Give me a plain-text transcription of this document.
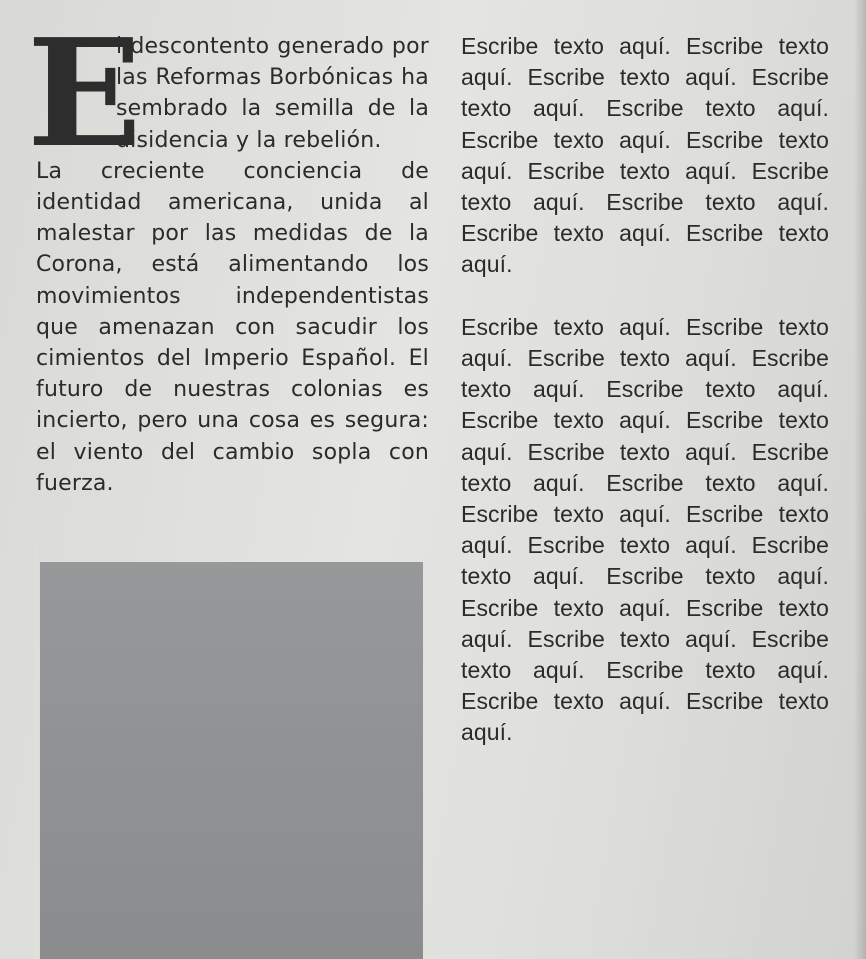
E

l descontento generado por las Reformas Borbónicas ha sembrado la semilla de la disidencia y la rebelión.

La creciente conciencia de identidad americana, unida al malestar por las medidas de la Corona, está alimentando los movimientos independentistas que amenazan con sacudir los cimientos del Imperio Español. El futuro de nuestras colonias es incierto, pero una cosa es segura: el viento del cambio sopla con fuerza.

Escribe texto aquí. Escribe texto aquí. Escribe texto aquí. Escribe texto aquí. Escribe texto aquí. Escribe texto aquí. Escribe texto aquí. Escribe texto aquí. Escribe texto aquí. Escribe texto aquí. Escribe texto aquí. Escribe texto aquí.

Escribe texto aquí. Escribe texto aquí. Escribe texto aquí. Escribe texto aquí. Escribe texto aquí. Escribe texto aquí. Escribe texto aquí. Escribe texto aquí. Escribe texto aquí. Escribe texto aquí. Escribe texto aquí. Escribe texto aquí. Escribe texto aquí. Escribe texto aquí. Escribe texto aquí. Escribe texto aquí. Escribe texto aquí. Escribe texto aquí. Escribe texto aquí. Escribe texto aquí. Escribe texto aquí. Escribe texto aquí.
